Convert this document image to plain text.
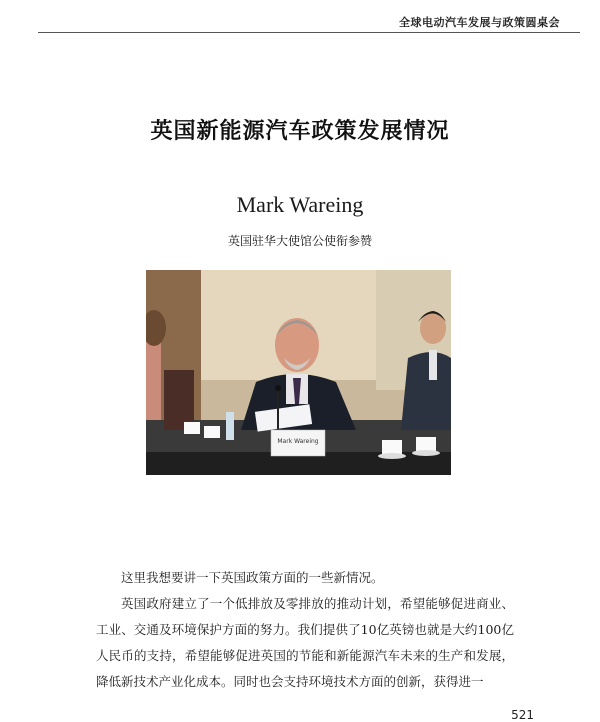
全球电动汽车发展与政策圆桌会
英国新能源汽车政策发展情况
Mark Wareing
英国驻华大使馆公使衔参赞
Mark Wareing

这里我想要讲一下英国政策方面的一些新情况。

英国政府建立了一个低排放及零排放的推动计划，希望能够促进商业、工业、交通及环境保护方面的努力。我们提供了10亿英镑也就是大约100亿人民币的支持，希望能够促进英国的节能和新能源汽车未来的生产和发展，降低新技术产业化成本。同时也会支持环境技术方面的创新，获得进一

521
